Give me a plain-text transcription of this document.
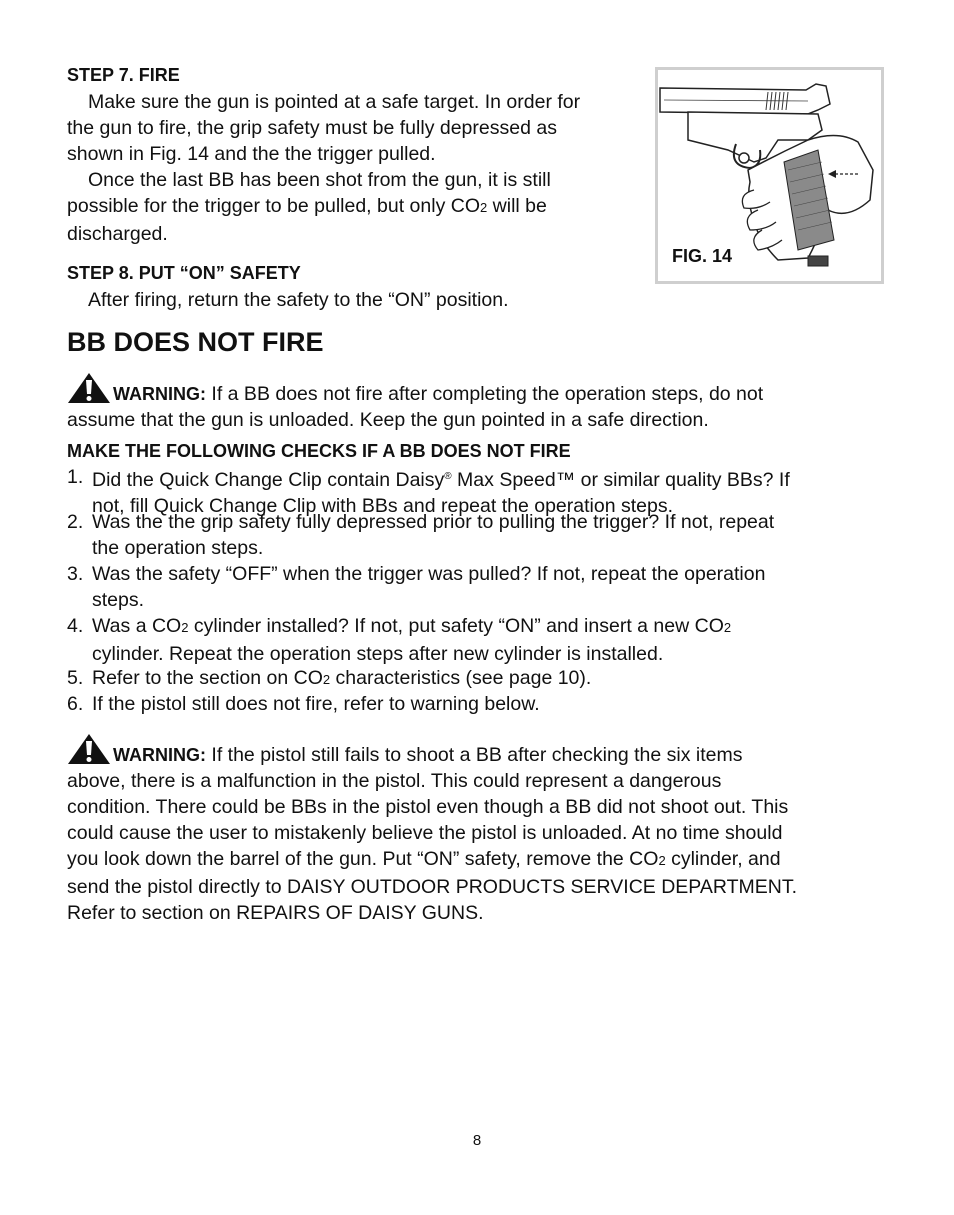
STEP 7. FIRE
Make sure the gun is pointed at a safe target. In order for
the gun to fire, the grip safety must be fully depressed as
shown in Fig. 14 and the the trigger pulled.
Once the last BB has been shot from the gun, it is still
possible for the trigger to be pulled, but only CO2 will be
discharged.
STEP 8. PUT “ON” SAFETY
After firing, return the safety to the “ON” position.
FIG. 14
BB DOES NOT FIRE
WARNING: If a BB does not fire after completing the operation steps, do not
assume that the gun is unloaded. Keep the gun pointed in a safe direction.
MAKE THE FOLLOWING CHECKS IF A BB DOES NOT FIRE
1. Did the Quick Change Clip contain Daisy® Max Speed™ or similar quality BBs? If
not, fill Quick Change Clip with BBs and repeat the operation steps.
2. Was the the grip safety fully depressed prior to pulling the trigger? If not, repeat
the operation steps.
3. Was the safety “OFF” when the trigger was pulled? If not, repeat the operation
steps.
4. Was a CO2 cylinder installed? If not, put safety “ON” and insert a new CO2
cylinder. Repeat the operation steps after new cylinder is installed.
5. Refer to the section on CO2 characteristics (see page 10).
6. If the pistol still does not fire, refer to warning below.
WARNING: If the pistol still fails to shoot a BB after checking the six items
above, there is a malfunction in the pistol. This could represent a dangerous
condition. There could be BBs in the pistol even though a BB did not shoot out. This
could cause the user to mistakenly believe the pistol is unloaded. At no time should
you look down the barrel of the gun. Put “ON” safety, remove the CO2 cylinder, and
send the pistol directly to DAISY OUTDOOR PRODUCTS SERVICE DEPARTMENT.
Refer to section on REPAIRS OF DAISY GUNS.
8
